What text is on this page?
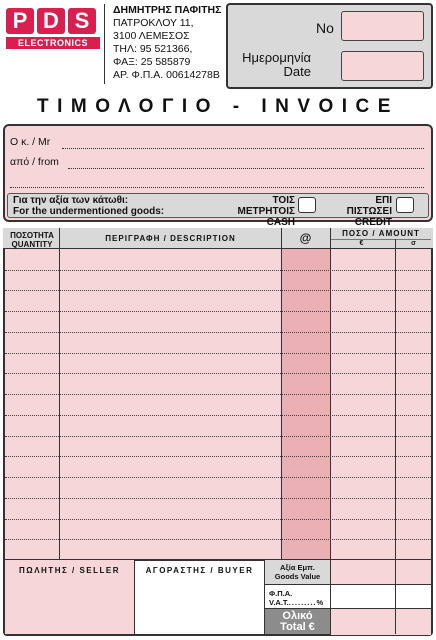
P D S
ELECTRONICS
ΔΗΜΗΤΡΗΣ ΠΑΦΙΤΗΣ
ΠΑΤΡΟΚΛΟΥ 11,
3100 ΛΕΜΕΣΟΣ
ΤΗΛ: 95 521366,
ΦΑΞ: 25 585879
ΑΡ. Φ.Π.Α. 00614278Β
No
Ημερομηνία
Date
ΤΙΜΟΛΟΓΙΟ - INVOICE
Ο κ. / Mr
από / from
Για την αξία των κάτωθι:
For the undermentioned goods:
ΤΟΙΣ ΜΕΤΡΗΤΟΙΣ
CASH
ΕΠΙ ΠΙΣΤΩΣΕΙ
CREDIT
ΠΟΣΟΤΗΤΑ
QUANTITY
ΠΕΡΙΓΡΑΦΗ / DESCRIPTION	@	ΠΟΣΟ / AMOUNT
€	σ
ΠΩΛΗΤΗΣ / SELLER	ΑΓΟΡΑΣΤΗΣ / BUYER	Αξία Εμπ.
Goods Value
Φ.Π.Α.
V.A.T..........%
Ολικό
Total €
